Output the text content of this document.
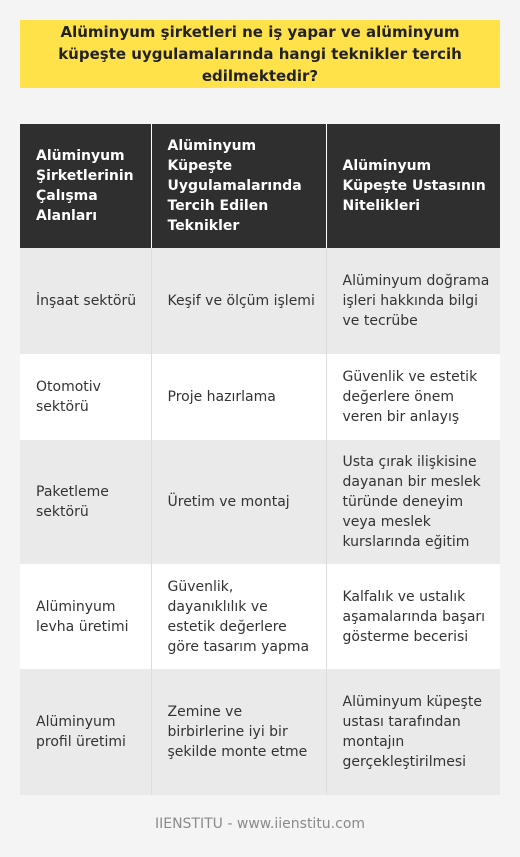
Alüminyum şirketleri ne iş yapar ve alüminyum küpeşte uygulamalarında hangi teknikler tercih edilmektedir?
Alüminyum Şirketlerinin Çalışma Alanları	Alüminyum Küpeşte Uygulamalarında Tercih Edilen Teknikler	Alüminyum Küpeşte Ustasının Nitelikleri
İnşaat sektörü	Keşif ve ölçüm işlemi	Alüminyum doğrama işleri hakkında bilgi ve tecrübe
Otomotiv sektörü	Proje hazırlama	Güvenlik ve estetik değerlere önem veren bir anlayış
Paketleme sektörü	Üretim ve montaj	Usta çırak ilişkisine dayanan bir meslek türünde deneyim veya meslek kurslarında eğitim
Alüminyum levha üretimi	Güvenlik, dayanıklılık ve estetik değerlere göre tasarım yapma	Kalfalık ve ustalık aşamalarında başarı gösterme becerisi
Alüminyum profil üretimi	Zemine ve birbirlerine iyi bir şekilde monte etme	Alüminyum küpeşte ustası tarafından montajın gerçekleştirilmesi
IIENSTITU - www.iienstitu.com
